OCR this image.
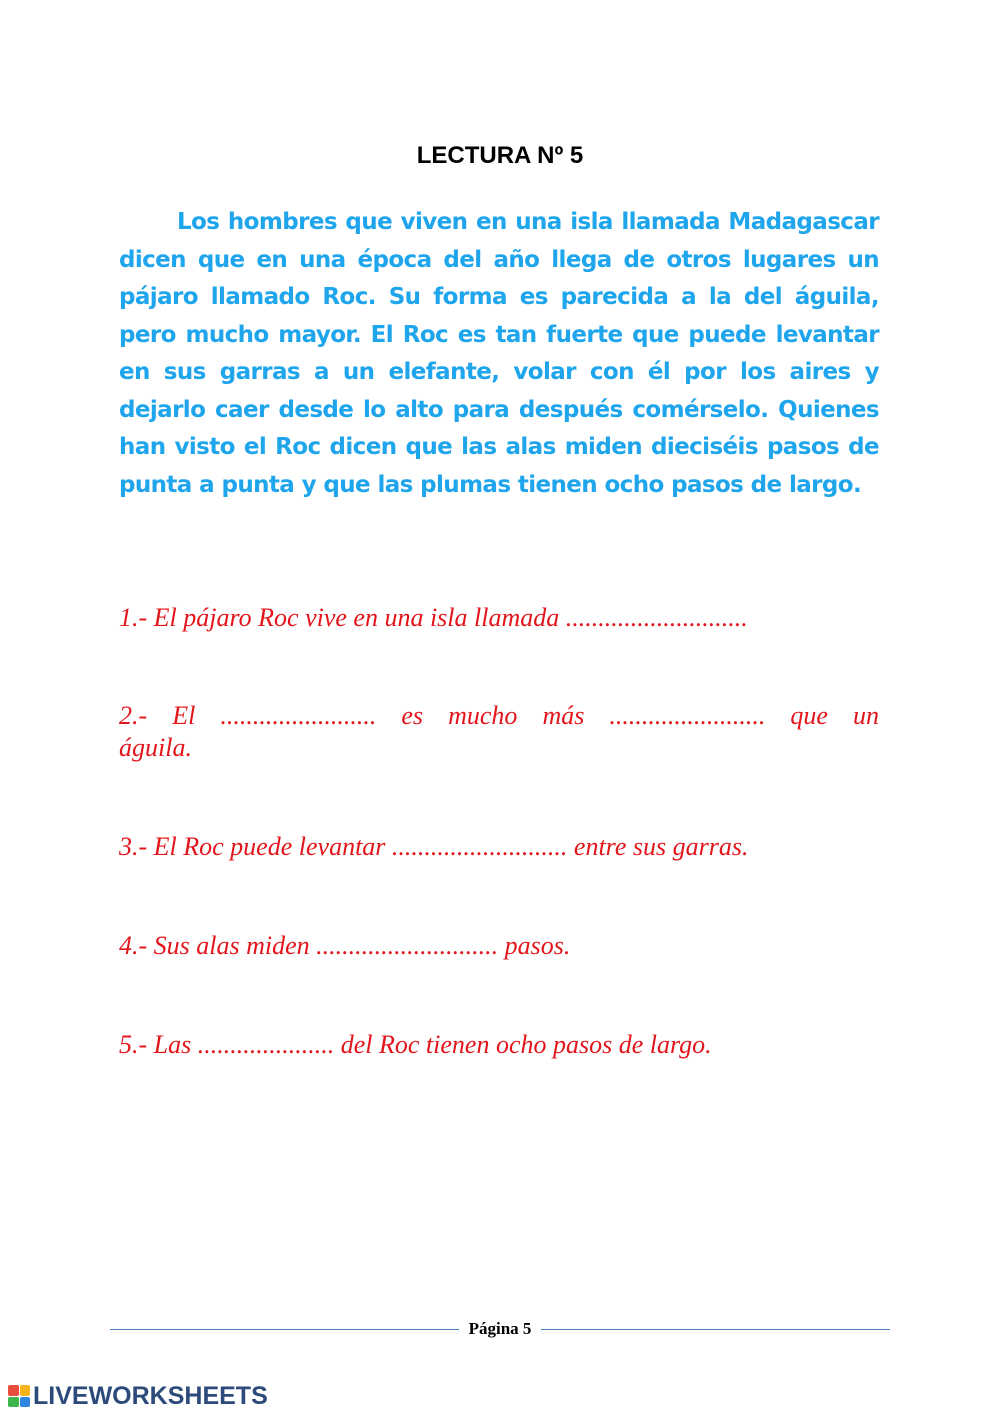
LECTURA Nº 5

Los hombres que viven en una isla llamada Madagascar dicen que en una época del año llega de otros lugares un pájaro llamado Roc. Su forma es parecida a la del águila, pero mucho mayor. El Roc es tan fuerte que puede levantar en sus garras a un elefante, volar con él por los aires y dejarlo caer desde lo alto para después comérselo. Quienes han visto el Roc dicen que las alas miden dieciséis pasos de punta a punta y que las plumas tienen ocho pasos de largo.

1.- El pájaro Roc vive en una isla llamada ............................

2.- El ........................ es mucho más ........................ que un
águila.

3.- El Roc puede levantar ........................... entre sus garras.

4.- Sus alas miden ............................ pasos.

5.- Las ..................... del Roc tienen ocho pasos de largo.

Página 5
LIVEWORKSHEETS
